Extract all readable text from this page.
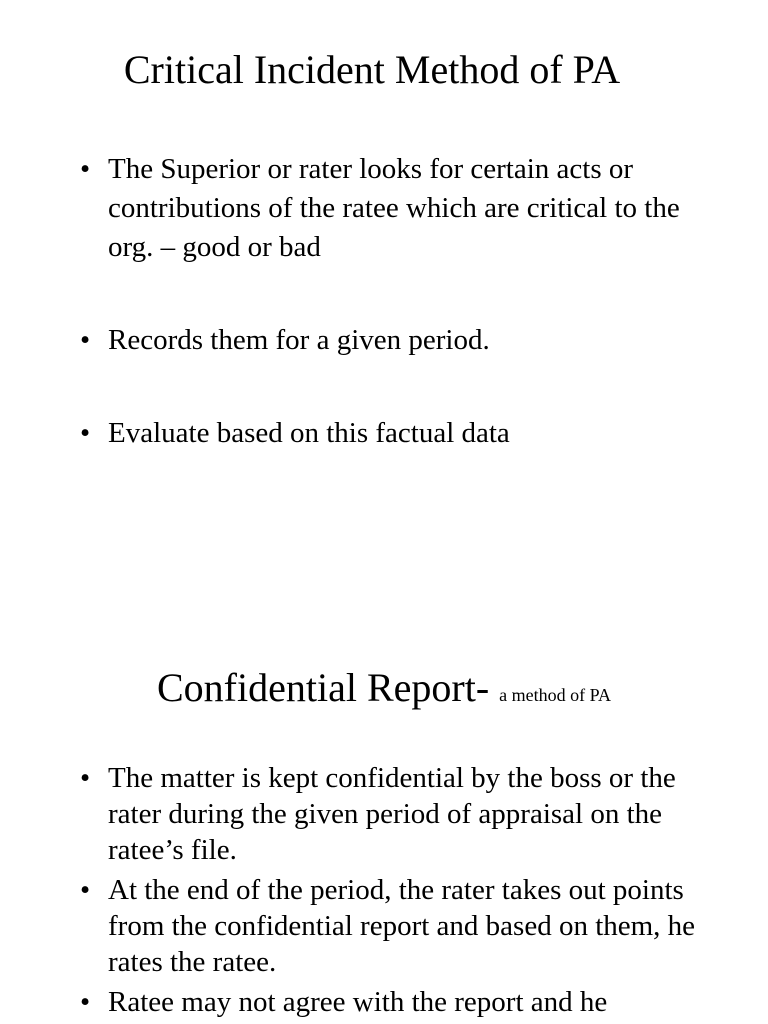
Critical Incident Method of PA
• The Superior or rater looks for certain acts or contributions of the ratee which are critical to the org. – good or bad
• Records them for a given period.
• Evaluate based on this factual data
Confidential Report- a method of PA
• The matter is kept confidential by the boss or the rater during the given period of appraisal on the ratee’s file.
• At the end of the period, the rater takes out points from the confidential report and based on them, he rates the ratee.
• Ratee may not agree with the report and he
